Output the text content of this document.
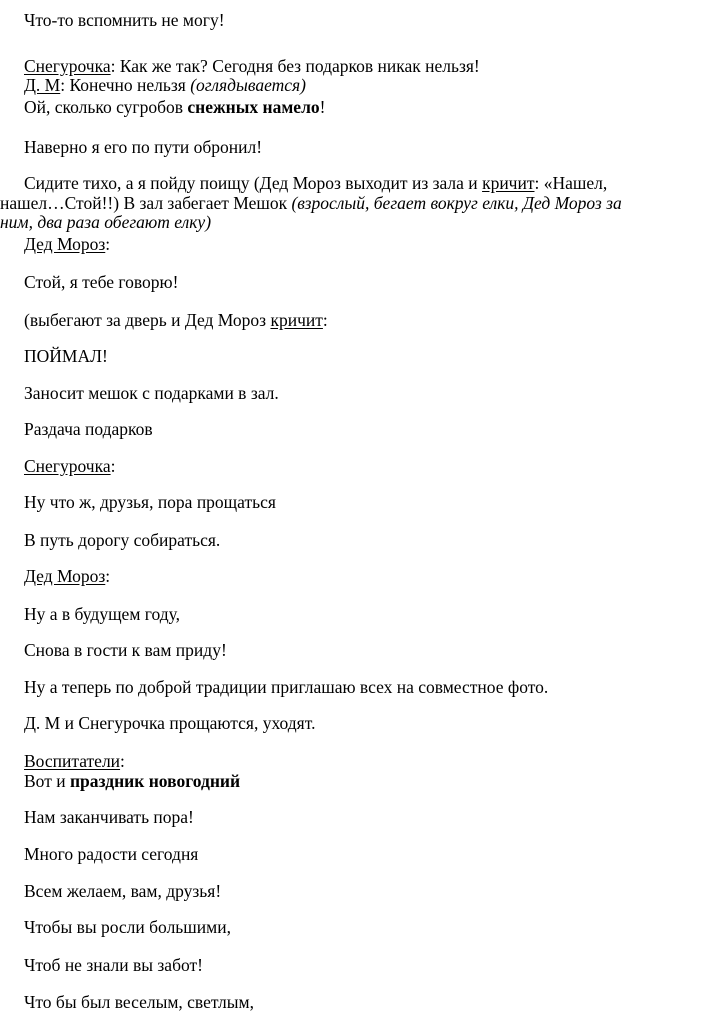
Что-то вспомнить не могу!
Снегурочка: Как же так? Сегодня без подарков никак нельзя!
Д. М: Конечно нельзя (оглядывается)
Ой, сколько сугробов снежных намело!
Наверно я его по пути обронил!
Сидите тихо, а я пойду поищу (Дед Мороз выходит из зала и кричит: «Нашел,
нашел…Стой!!) В зал забегает Мешок (взрослый, бегает вокруг елки, Дед Мороз за
ним, два раза обегают елку)
Дед Мороз:
Стой, я тебе говорю!
(выбегают за дверь и Дед Мороз кричит:
ПОЙМАЛ!
Заносит мешок с подарками в зал.
Раздача подарков
Снегурочка:
Ну что ж, друзья, пора прощаться
В путь дорогу собираться.
Дед Мороз:
Ну а в будущем году,
Снова в гости к вам приду!
Ну а теперь по доброй традиции приглашаю всех на совместное фото.
Д. М и Снегурочка прощаются, уходят.
Воспитатели:
Вот и праздник новогодний
Нам заканчивать пора!
Много радости сегодня
Всем желаем, вам, друзья!
Чтобы вы росли большими,
Чтоб не знали вы забот!
Что бы был веселым, светлым,
